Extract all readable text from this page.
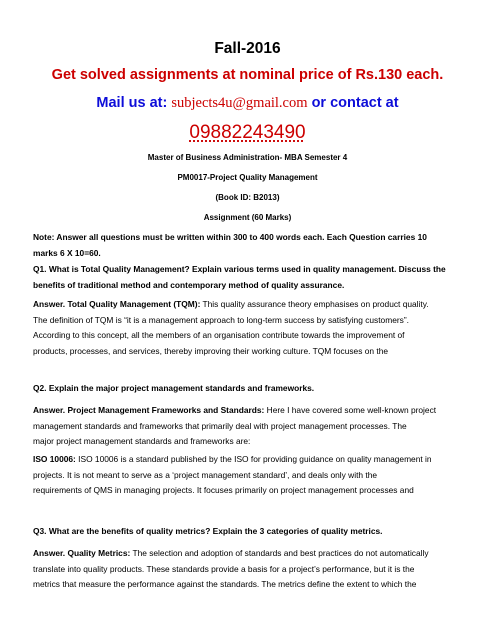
Fall-2016
Get solved assignments at nominal price of Rs.130 each.
Mail us at: subjects4u@gmail.com or contact at
09882243490
Master of Business Administration- MBA Semester 4
PM0017-Project Quality Management
(Book ID: B2013)
Assignment (60 Marks)
Note: Answer all questions must be written within 300 to 400 words each. Each Question carries 10
marks 6 X 10=60.
Q1. What is Total Quality Management? Explain various terms used in quality management. Discuss the
benefits of traditional method and contemporary method of quality assurance.
Answer. Total Quality Management (TQM): This quality assurance theory emphasises on product quality.
The definition of TQM is “it is a management approach to long-term success by satisfying customers”.
According to this concept, all the members of an organisation contribute towards the improvement of
products, processes, and services, thereby improving their working culture. TQM focuses on the
Q2. Explain the major project management standards and frameworks.
Answer. Project Management Frameworks and Standards: Here I have covered some well-known project
management standards and frameworks that primarily deal with project management processes. The
major project management standards and frameworks are:
ISO 10006: ISO 10006 is a standard published by the ISO for providing guidance on quality management in
projects. It is not meant to serve as a ‘project management standard’, and deals only with the
requirements of QMS in managing projects. It focuses primarily on project management processes and
Q3. What are the benefits of quality metrics? Explain the 3 categories of quality metrics.
Answer. Quality Metrics: The selection and adoption of standards and best practices do not automatically
translate into quality products. These standards provide a basis for a project’s performance, but it is the
metrics that measure the performance against the standards. The metrics define the extent to which the
